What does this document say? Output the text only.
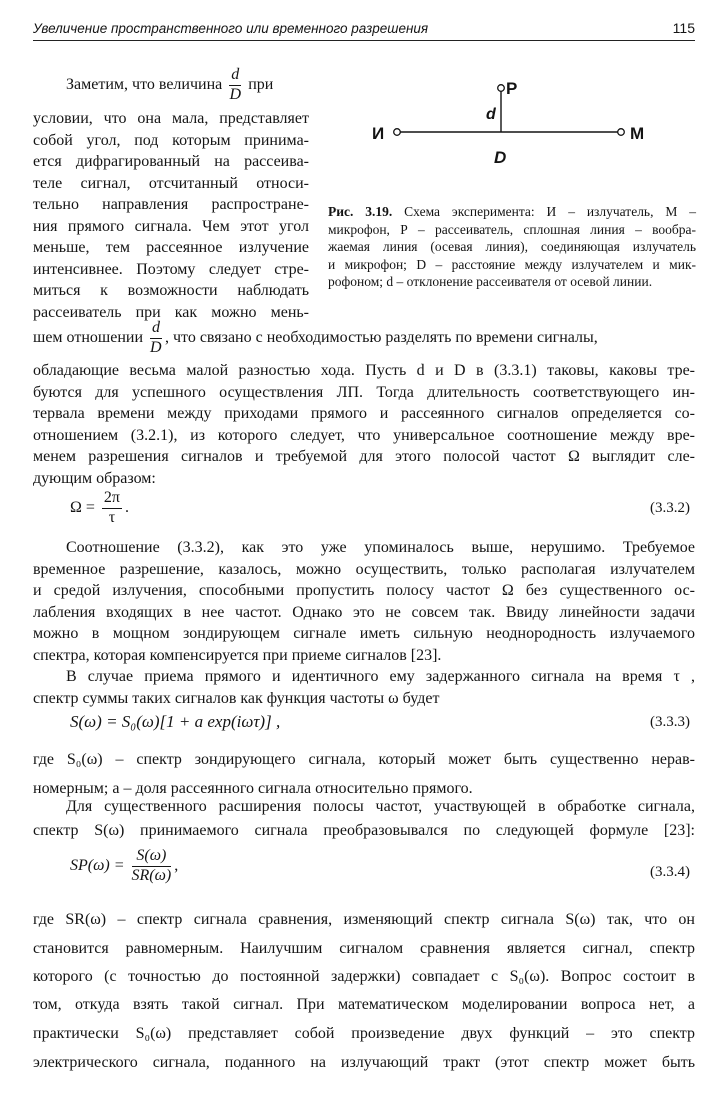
Увеличение пространственного или временного разрешения	115
Заметим, что величина $\frac{d}{D}$ при
условии, что она мала, представляет
собой угол, под которым принима-
ется дифрагированный на рассеива-
теле сигнал, отсчитанный относи-
тельно направления распростране-
ния прямого сигнала. Чем этот угол
меньше, тем рассеянное излучение
интенсивнее. Поэтому следует стре-
миться к возможности наблюдать
рассеиватель при как можно мень-
P
d
И	М
D
Рис. 3.19. Схема эксперимента: И – излучатель, М –
микрофон, Р – рассеиватель, сплошная линия – вообра-
жаемая линия (осевая линия), соединяющая излучатель
и микрофон; D – расстояние между излучателем и мик-
рофоном; d – отклонение рассеивателя от осевой линии.
шем отношении $\frac{d}{D}$ , что связано с необходимостью разделять по времени сигналы,
обладающие весьма малой разностью хода. Пусть d и D в (3.3.1) таковы, каковы тре-
буются для успешного осуществления ЛП. Тогда длительность соответствующего ин-
тервала времени между приходами прямого и рассеянного сигналов определяется со-
отношением (3.2.1), из которого следует, что универсальное соотношение между вре-
менем разрешения сигналов и требуемой для этого полосой частот Ω выглядит сле-
дующим образом:
$\Omega = \frac{2\pi}{\tau}$ .	(3.3.2)
Соотношение (3.3.2), как это уже упоминалось выше, нерушимо. Требуемое
временное разрешение, казалось, можно осуществить, только располагая излучателем
и средой излучения, способными пропустить полосу частот Ω без существенного ос-
лабления входящих в нее частот. Однако это не совсем так. Ввиду линейности задачи
можно в мощном зондирующем сигнале иметь сильную неоднородность излучаемого
спектра, которая компенсируется при приеме сигналов [23].
В случае приема прямого и идентичного ему задержанного сигнала на время τ ,
спектр суммы таких сигналов как функция частоты ω будет
S(ω) = S₀(ω)[1 + a exp(iωτ)] ,	(3.3.3)
где S₀(ω) – спектр зондирующего сигнала, который может быть существенно нерав-
номерным; a – доля рассеянного сигнала относительно прямого.
Для существенного расширения полосы частот, участвующей в обработке сигнала,
спектр S(ω) принимаемого сигнала преобразовывался по следующей формуле [23]:
$SP(\omega) = \frac{S(\omega)}{SR(\omega)}$ ,	(3.3.4)
где SR(ω) – спектр сигнала сравнения, изменяющий спектр сигнала S(ω) так, что он
становится равномерным. Наилучшим сигналом сравнения является сигнал, спектр
которого (с точностью до постоянной задержки) совпадает с S₀(ω). Вопрос состоит в
том, откуда взять такой сигнал. При математическом моделировании вопроса нет, а
практически S₀(ω) представляет собой произведение двух функций – это спектр
электрического сигнала, поданного на излучающий тракт (этот спектр может быть
